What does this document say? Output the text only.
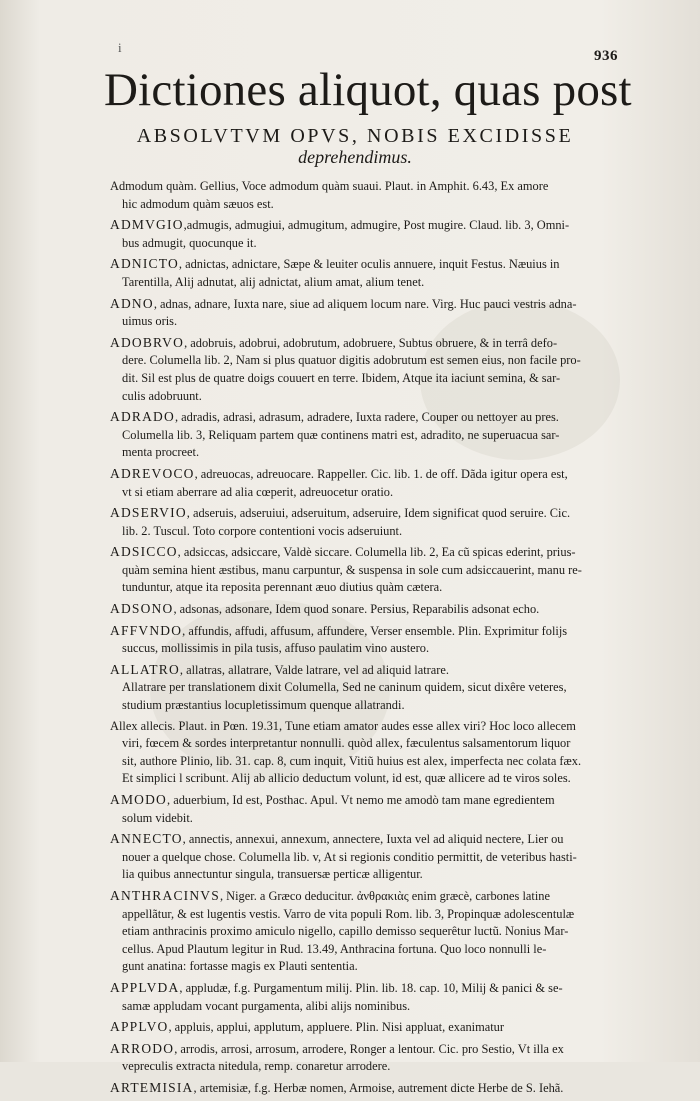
i
936
Dictiones aliquot, quas post
ABSOLVTVM OPVS, NOBIS EXCIDISSE
deprehendimus.
Admodum quàm. Gellius, Voce admodum quàm suaui. Plaut. in Amphit. 6.43, Ex amore
hic admodum quàm sæuos est.
ADMVGIO,admugis, admugiui, admugitum, admugire, Post mugire. Claud. lib. 3, Omni-
bus admugit, quocunque it.
ADNICTO, adnictas, adnictare, Sæpe & leuiter oculis annuere, inquit Festus. Næuius in
Tarentilla, Alij adnutat, alij adnictat, alium amat, alium tenet.
ADNO, adnas, adnare, Iuxta nare, siue ad aliquem locum nare. Virg. Huc pauci vestris adna-
uimus oris.
ADOBRVO, adobruis, adobrui, adobrutum, adobruere, Subtus obruere, & in terrâ defo-
dere. Columella lib. 2, Nam si plus quatuor digitis adobrutum est semen eius, non facile pro-
dit. Sil est plus de quatre doigs couuert en terre. Ibidem, Atque ita iaciunt semina, & sar-
culis adobruunt.
ADRADO, adradis, adrasi, adrasum, adradere, Iuxta radere, Couper ou nettoyer au pres.
Columella lib. 3, Reliquam partem quæ continens matri est, adradito, ne superuacua sar-
menta procreet.
ADREVOCO, adreuocas, adreuocare. Rappeller. Cic. lib. 1. de off. Dãda igitur opera est,
vt si etiam aberrare ad alia cœperit, adreuocetur oratio.
ADSERVIO, adseruis, adseruiui, adseruitum, adseruire, Idem significat quod seruire. Cic.
lib. 2. Tuscul. Toto corpore contentioni vocis adseruiunt.
ADSICCO, adsiccas, adsiccare, Valdè siccare. Columella lib. 2, Ea cũ spicas ederint, prius-
quàm semina hient æstibus, manu carpuntur, & suspensa in sole cum adsiccauerint, manu re-
tunduntur, atque ita reposita perennant æuo diutius quàm cætera.
ADSONO, adsonas, adsonare, Idem quod sonare. Persius, Reparabilis adsonat echo.
AFFVNDO, affundis, affudi, affusum, affundere, Verser ensemble. Plin. Exprimitur folijs
succus, mollissimis in pila tusis, affuso paulatim vino austero.
ALLATRO, allatras, allatrare, Valde latrare, vel ad aliquid latrare.
Allatrare per translationem dixit Columella, Sed ne caninum quidem, sicut dixêre veteres,
studium præstantius locupletissimum quenque allatrandi.
Allex allecis. Plaut. in Pœn. 19.31, Tune etiam amator audes esse allex viri? Hoc loco allecem
viri, fœcem & sordes interpretantur nonnulli. quòd allex, fæculentus salsamentorum liquor
sit, authore Plinio, lib. 31. cap. 8, cum inquit, Vitiũ huius est alex, imperfecta nec colata fæx.
Et simplici l scribunt. Alij ab allicio deductum volunt, id est, quæ allicere ad te viros soles.
AMODO, aduerbium, Id est, Posthac. Apul. Vt nemo me amodò tam mane egredientem
solum videbit.
ANNECTO, annectis, annexui, annexum, annectere, Iuxta vel ad aliquid nectere, Lier ou
nouer a quelque chose. Columella lib. v, At si regionis conditio permittit, de veteribus hasti-
lia quibus annectuntur singula, transuersæ perticæ alligentur.
ANTHRACINVS, Niger. a Græco deducitur. ἀνθρακιὰς enim græcè, carbones latine
appellãtur, & est lugentis vestis. Varro de vita populi Rom. lib. 3, Propinquæ adolescentulæ
etiam anthracinis proximo amiculo nigello, capillo demisso sequerêtur luctũ. Nonius Mar-
cellus. Apud Plautum legitur in Rud. 13.49, Anthracina fortuna. Quo loco nonnulli le-
gunt anatina: fortasse magis ex Plauti sententia.
APPLVDA, appludæ, f.g. Purgamentum milij. Plin. lib. 18. cap. 10, Milij & panici & se-
samæ appludam vocant purgamenta, alibi alijs nominibus.
APPLVO, appluis, applui, applutum, appluere. Plin. Nisi appluat, exanimatur
ARRODO, arrodis, arrosi, arrosum, arrodere, Ronger a lentour. Cic. pro Sestio, Vt illa ex
vepreculis extracta nitedula, remp. conaretur arrodere.
ARTEMISIA, artemisiæ, f.g. Herbæ nomen, Armoise, autrement dicte Herbe de S. Iehã.
